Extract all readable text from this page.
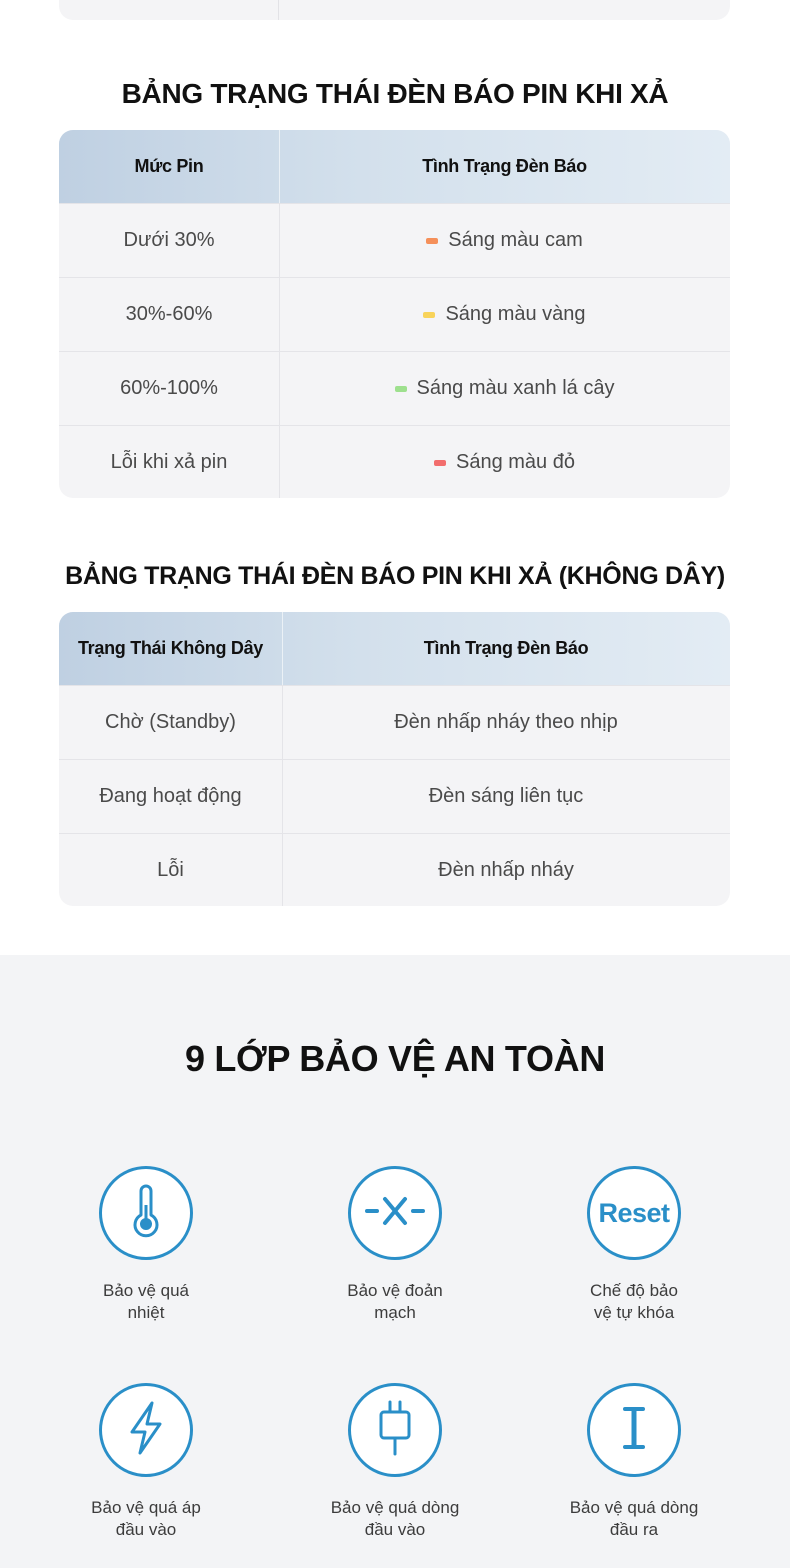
BẢNG TRẠNG THÁI ĐÈN BÁO PIN KHI XẢ
Mức Pin	Tình Trạng Đèn Báo
Dưới 30%	Sáng màu cam
30%-60%	Sáng màu vàng
60%-100%	Sáng màu xanh lá cây
Lỗi khi xả pin	Sáng màu đỏ
BẢNG TRẠNG THÁI ĐÈN BÁO PIN KHI XẢ (KHÔNG DÂY)
Trạng Thái Không Dây	Tình Trạng Đèn Báo
Chờ (Standby)	Đèn nhấp nháy theo nhịp
Đang hoạt động	Đèn sáng liên tục
Lỗi	Đèn nhấp nháy
9 LỚP BẢO VỆ AN TOÀN
Bảo vệ quá
nhiệt
Bảo vệ đoản
mạch
Reset
Chế độ bảo
vệ tự khóa
Bảo vệ quá áp
đầu vào
Bảo vệ quá dòng
đầu vào
Bảo vệ quá dòng
đầu ra
